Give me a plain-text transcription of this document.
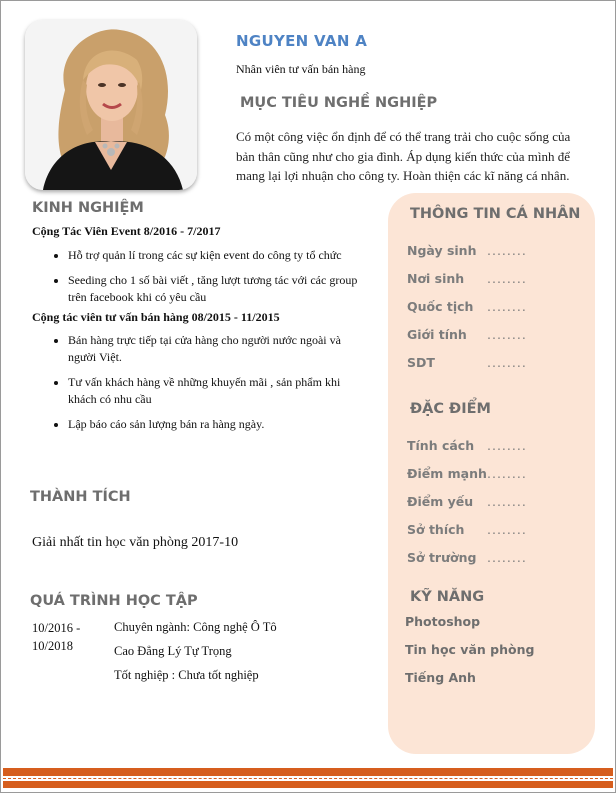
NGUYEN VAN A
Nhân viên tư vấn bán hàng
MỤC TIÊU NGHỀ NGHIỆP
Có một công việc ổn định để có thể trang trải cho cuộc sống của bản thân cũng như cho gia đình. Áp dụng kiến thức của mình để mang lại lợi nhuận cho công ty. Hoàn thiện các kĩ năng cá nhân.
KINH NGHIỆM
Cộng Tác Viên Event 8/2016 - 7/2017
• Hỗ trợ quản lí trong các sự kiện event do công ty tổ chức
• Seeding cho 1 số bài viết , tăng lượt tương tác với các group trên facebook khi có yêu cầu
Cộng tác viên tư vấn bán hàng 08/2015 - 11/2015
• Bán hàng trực tiếp tại cửa hàng cho người nước ngoài và người Việt.
• Tư vấn khách hàng về những khuyến mãi , sản phẩm khi khách có nhu cầu
• Lập báo cáo sản lượng bán ra hàng ngày.
THÀNH TÍCH
Giải nhất tin học văn phòng 2017-10
QUÁ TRÌNH HỌC TẬP
10/2016 - 10/2018
Chuyên ngành: Công nghệ Ô Tô
Cao Đẳng Lý Tự Trọng
Tốt nghiệp : Chưa tốt nghiệp
THÔNG TIN CÁ NHÂN
Ngày sinh ........
Nơi sinh ........
Quốc tịch ........
Giới tính ........
SDT	........
ĐẶC ĐIỂM
Tính cách ........
Điểm mạnh ........
Điểm yếu ........
Sở thích ........
Sở trường ........
KỸ NĂNG
Photoshop
Tin học văn phòng
Tiếng Anh
